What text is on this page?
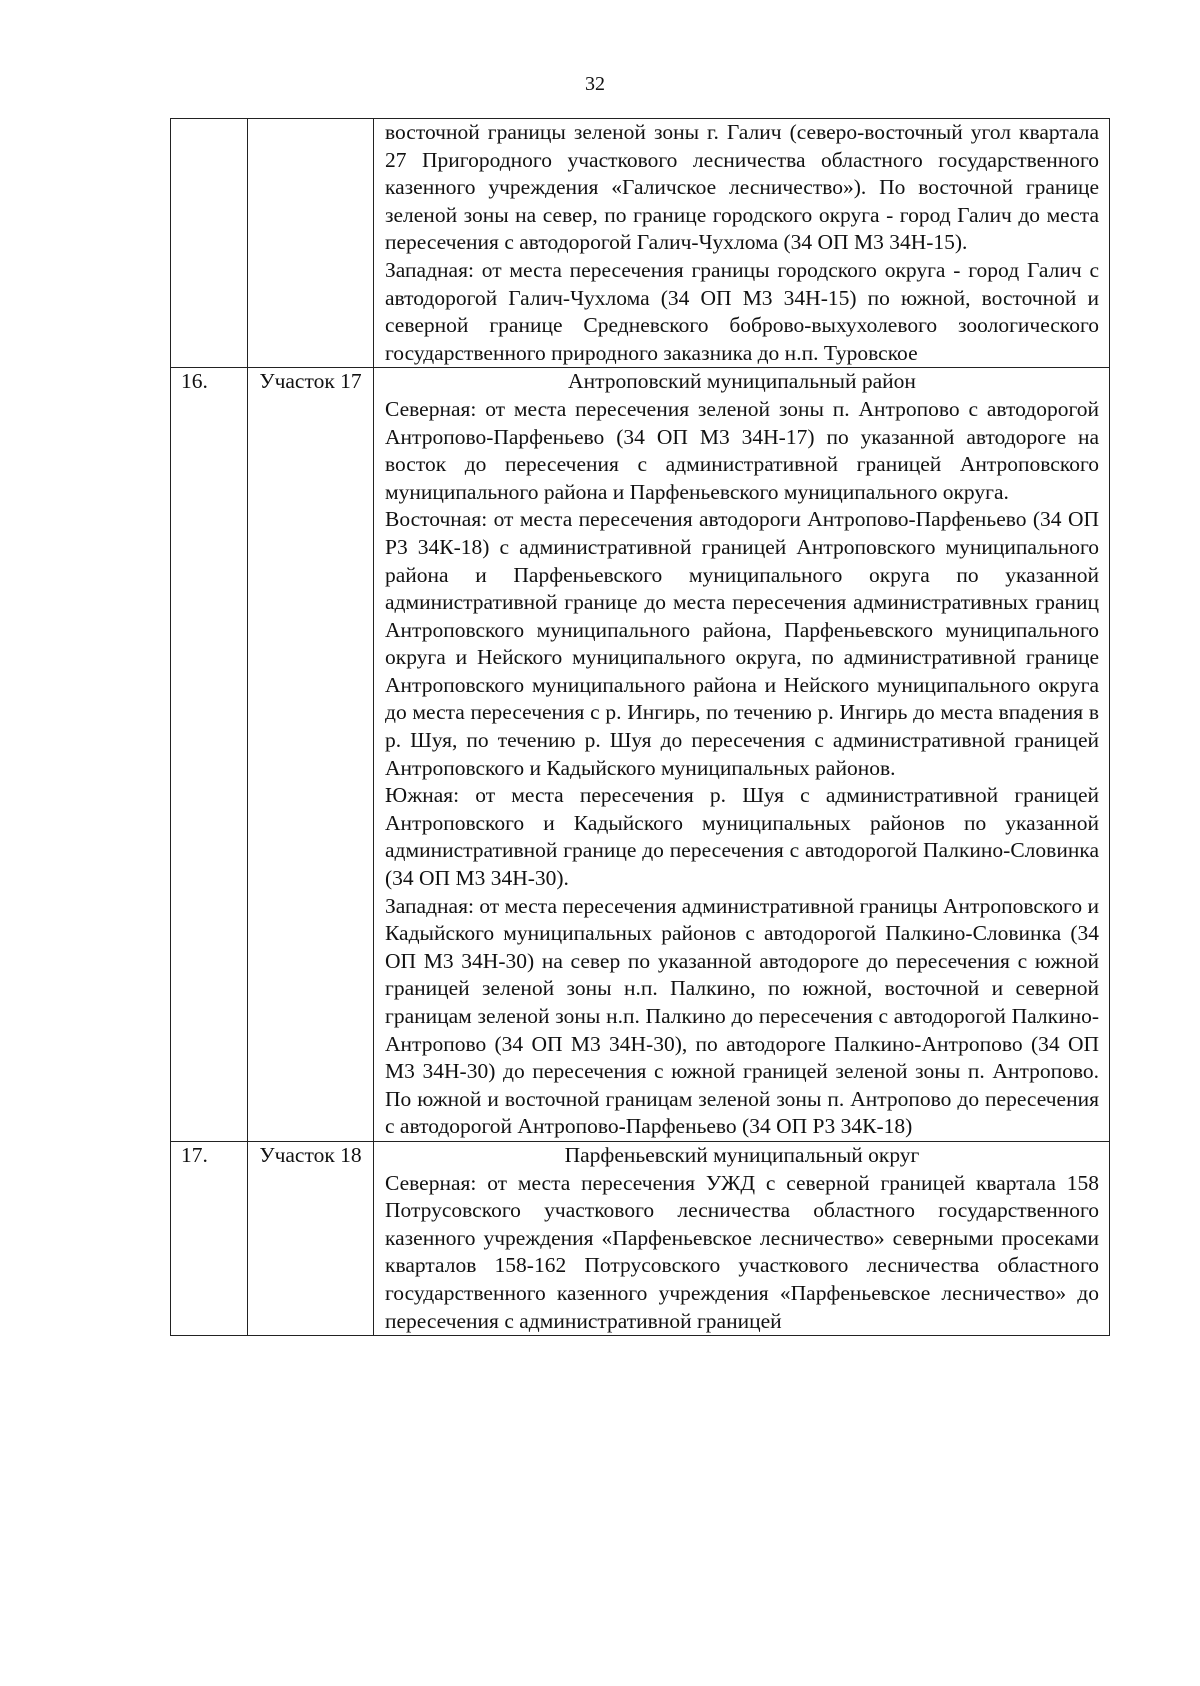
32

		восточной границы зеленой зоны г. Галич (северо-восточный угол квартала 27 Пригородного участкового лесничества областного государственного казенного учреждения «Галичское лесничество»). По восточной границе зеленой зоны на север, по границе городского округа - город Галич до места пересечения с автодорогой Галич-Чухлома (34 ОП М3 34Н-15).
Западная: от места пересечения границы городского округа - город Галич с автодорогой Галич-Чухлома (34 ОП М3 34Н-15) по южной, восточной и северной границе Средневского боброво-выхухолевого зоологического государственного природного заказника до н.п. Туровское

16.	Участок 17	Антроповский муниципальный район
Северная: от места пересечения зеленой зоны п. Антропово с автодорогой Антропово-Парфеньево (34 ОП М3 34Н-17) по указанной автодороге на восток до пересечения с административной границей Антроповского муниципального района и Парфеньевского муниципального округа.
Восточная: от места пересечения автодороги Антропово-Парфеньево (34 ОП Р3 34К-18) с административной границей Антроповского муниципального района и Парфеньевского муниципального округа по указанной административной границе до места пересечения административных границ Антроповского муниципального района, Парфеньевского муниципального округа и Нейского муниципального округа, по административной границе Антроповского муниципального района и Нейского муниципального округа до места пересечения с р. Ингирь, по течению р. Ингирь до места впадения в р. Шуя, по течению р. Шуя до пересечения с административной границей Антроповского и Кадыйского муниципальных районов.
Южная: от места пересечения р. Шуя с административной границей Антроповского и Кадыйского муниципальных районов по указанной административной границе до пересечения с автодорогой Палкино-Словинка (34 ОП М3 34Н-30).
Западная: от места пересечения административной границы Антроповского и Кадыйского муниципальных районов с автодорогой Палкино-Словинка (34 ОП М3 34Н-30) на север по указанной автодороге до пересечения с южной границей зеленой зоны н.п. Палкино, по южной, восточной и северной границам зеленой зоны н.п. Палкино до пересечения с автодорогой Палкино-Антропово (34 ОП М3 34Н-30), по автодороге Палкино-Антропово (34 ОП М3 34Н-30) до пересечения с южной границей зеленой зоны п. Антропово. По южной и восточной границам зеленой зоны п. Антропово до пересечения с автодорогой Антропово-Парфеньево (34 ОП Р3 34К-18)

17.	Участок 18	Парфеньевский муниципальный округ
Северная: от места пересечения УЖД с северной границей квартала 158 Потрусовского участкового лесничества областного государственного казенного учреждения «Парфеньевское лесничество» северными просеками кварталов 158-162 Потрусовского участкового лесничества областного государственного казенного учреждения «Парфеньевское лесничество» до пересечения с административной границей
